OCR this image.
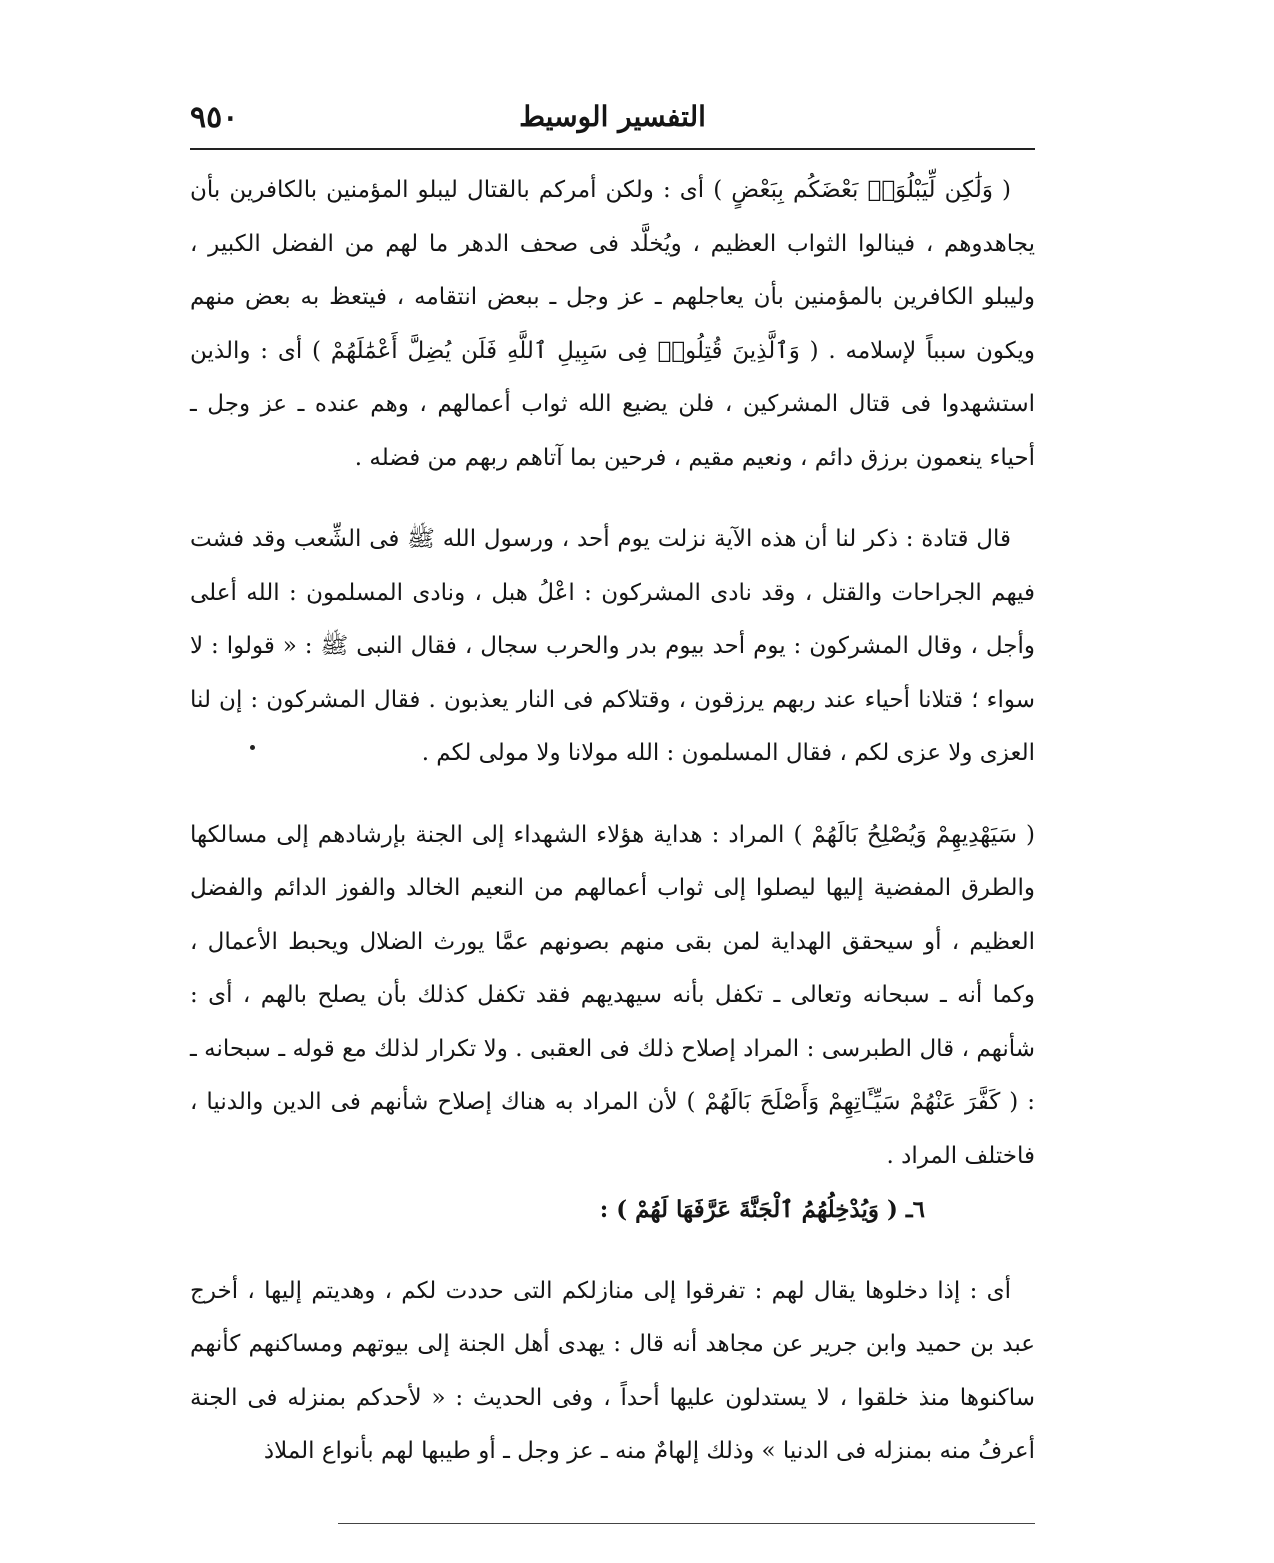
٩٥٠	التفسير الوسيط

( وَلَٰكِن لِّيَبْلُوَا۟ بَعْضَكُم بِبَعْضٍ ) أى : ولكن أمركم بالقتال ليبلو المؤمنين بالكافرين بأن يجاهدوهم ، فينالوا الثواب العظيم ، ويُخلَّد فى صحف الدهر ما لهم من الفضل الكبير ، وليبلو الكافرين بالمؤمنين بأن يعاجلهم ـ عز وجل ـ ببعض انتقامه ، فيتعظ به بعض منهم ويكون سبباً لإسلامه . ( وَٱلَّذِينَ قُتِلُوا۟ فِى سَبِيلِ ٱللَّهِ فَلَن يُضِلَّ أَعْمَٰلَهُمْ ) أى : والذين استشهدوا فى قتال المشركين ، فلن يضيع الله ثواب أعمالهم ، وهم عنده ـ عز وجل ـ أحياء ينعمون برزق دائم ، ونعيم مقيم ، فرحين بما آتاهم ربهم من فضله .

قال قتادة : ذكر لنا أن هذه الآية نزلت يوم أحد ، ورسول الله ﷺ فى الشِّعب وقد فشت فيهم الجراحات والقتل ، وقد نادى المشركون : اعْلُ هبل ، ونادى المسلمون : الله أعلى وأجل ، وقال المشركون : يوم أحد بيوم بدر والحرب سجال ، فقال النبى ﷺ : « قولوا : لا سواء ؛ قتلانا أحياء عند ربهم يرزقون ، وقتلاكم فى النار يعذبون . فقال المشركون : إن لنا العزى ولا عزى لكم ، فقال المسلمون : الله مولانا ولا مولى لكم .

( سَيَهْدِيهِمْ وَيُصْلِحُ بَالَهُمْ ) المراد : هداية هؤلاء الشهداء إلى الجنة بإرشادهم إلى مسالكها والطرق المفضية إليها ليصلوا إلى ثواب أعمالهم من النعيم الخالد والفوز الدائم والفضل العظيم ، أو سيحقق الهداية لمن بقى منهم بصونهم عمَّا يورث الضلال ويحبط الأعمال ، وكما أنه ـ سبحانه وتعالى ـ تكفل بأنه سيهديهم فقد تكفل كذلك بأن يصلح بالهم ، أى : شأنهم ، قال الطبرسى : المراد إصلاح ذلك فى العقبى . ولا تكرار لذلك مع قوله ـ سبحانه ـ : ( كَفَّرَ عَنْهُمْ سَيِّـَٔاتِهِمْ وَأَصْلَحَ بَالَهُمْ ) لأن المراد به هناك إصلاح شأنهم فى الدين والدنيا ، فاختلف المراد .

٦ـ ( وَيُدْخِلُهُمُ ٱلْجَنَّةَ عَرَّفَهَا لَهُمْ ) :

أى : إذا دخلوها يقال لهم : تفرقوا إلى منازلكم التى حددت لكم ، وهديتم إليها ، أخرج عبد بن حميد وابن جرير عن مجاهد أنه قال : يهدى أهل الجنة إلى بيوتهم ومساكنهم كأنهم ساكنوها منذ خلقوا ، لا يستدلون عليها أحداً ، وفى الحديث : « لأحدكم بمنزله فى الجنة أعرفُ منه بمنزله فى الدنيا » وذلك إلهامٌ منه ـ عز وجل ـ أو طيبها لهم بأنواع الملاذ
